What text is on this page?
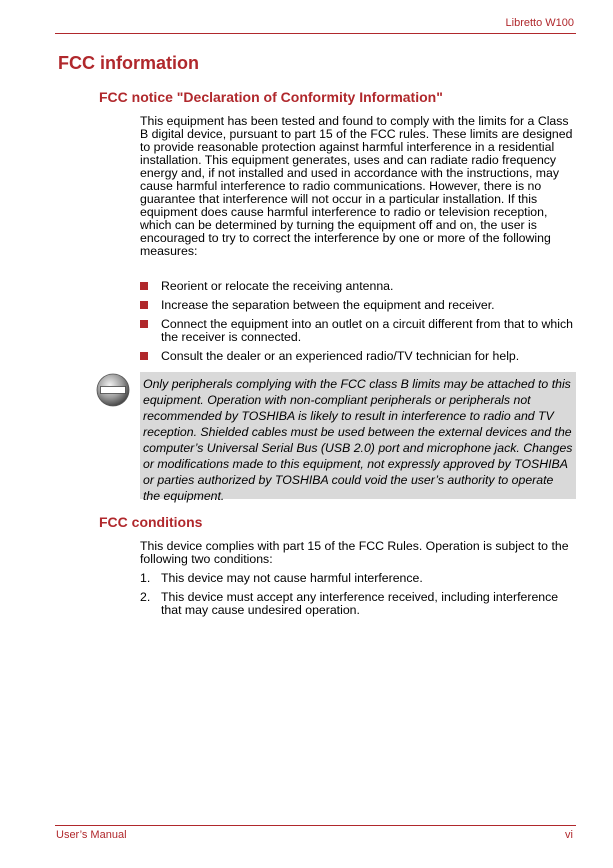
Libretto W100
FCC information
FCC notice "Declaration of Conformity Information"
This equipment has been tested and found to comply with the limits for a Class B digital device, pursuant to part 15 of the FCC rules. These limits are designed to provide reasonable protection against harmful interference in a residential installation. This equipment generates, uses and can radiate radio frequency energy and, if not installed and used in accordance with the instructions, may cause harmful interference to radio communications. However, there is no guarantee that interference will not occur in a particular installation. If this equipment does cause harmful interference to radio or television reception, which can be determined by turning the equipment off and on, the user is encouraged to try to correct the interference by one or more of the following measures:
Reorient or relocate the receiving antenna.
Increase the separation between the equipment and receiver.
Connect the equipment into an outlet on a circuit different from that to which the receiver is connected.
Consult the dealer or an experienced radio/TV technician for help.
Only peripherals complying with the FCC class B limits may be attached to this equipment. Operation with non-compliant peripherals or peripherals not recommended by TOSHIBA is likely to result in interference to radio and TV reception. Shielded cables must be used between the external devices and the computer’s Universal Serial Bus (USB 2.0) port and microphone jack. Changes or modifications made to this equipment, not expressly approved by TOSHIBA or parties authorized by TOSHIBA could void the user’s authority to operate the equipment.
FCC conditions
This device complies with part 15 of the FCC Rules. Operation is subject to the following two conditions:
1. This device may not cause harmful interference.
2. This device must accept any interference received, including interference that may cause undesired operation.
User’s Manual	vi
